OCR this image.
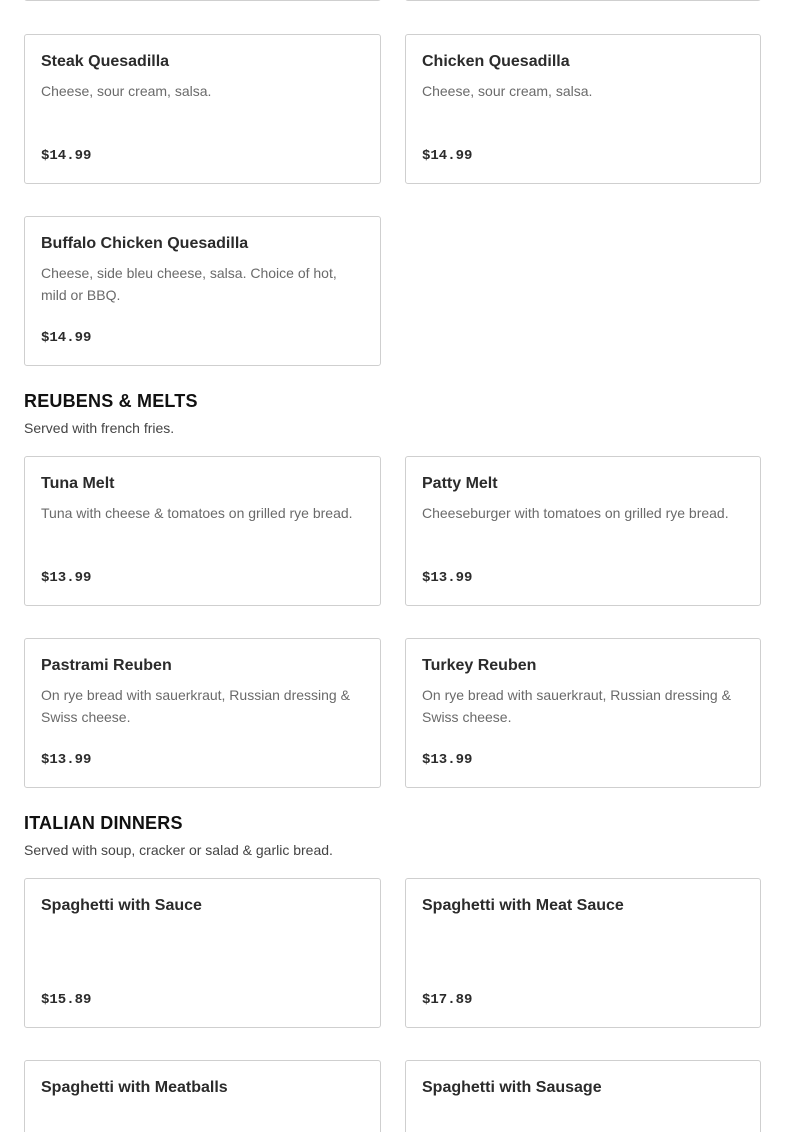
Steak Quesadilla
Cheese, sour cream, salsa.
$14.99
Chicken Quesadilla
Cheese, sour cream, salsa.
$14.99
Buffalo Chicken Quesadilla
Cheese, side bleu cheese, salsa. Choice of hot, mild or BBQ.
$14.99
REUBENS & MELTS
Served with french fries.
Tuna Melt
Tuna with cheese & tomatoes on grilled rye bread.
$13.99
Patty Melt
Cheeseburger with tomatoes on grilled rye bread.
$13.99
Pastrami Reuben
On rye bread with sauerkraut, Russian dressing & Swiss cheese.
$13.99
Turkey Reuben
On rye bread with sauerkraut, Russian dressing & Swiss cheese.
$13.99
ITALIAN DINNERS
Served with soup, cracker or salad & garlic bread.
Spaghetti with Sauce
$15.89
Spaghetti with Meat Sauce
$17.89
Spaghetti with Meatballs	Spaghetti with Sausage
